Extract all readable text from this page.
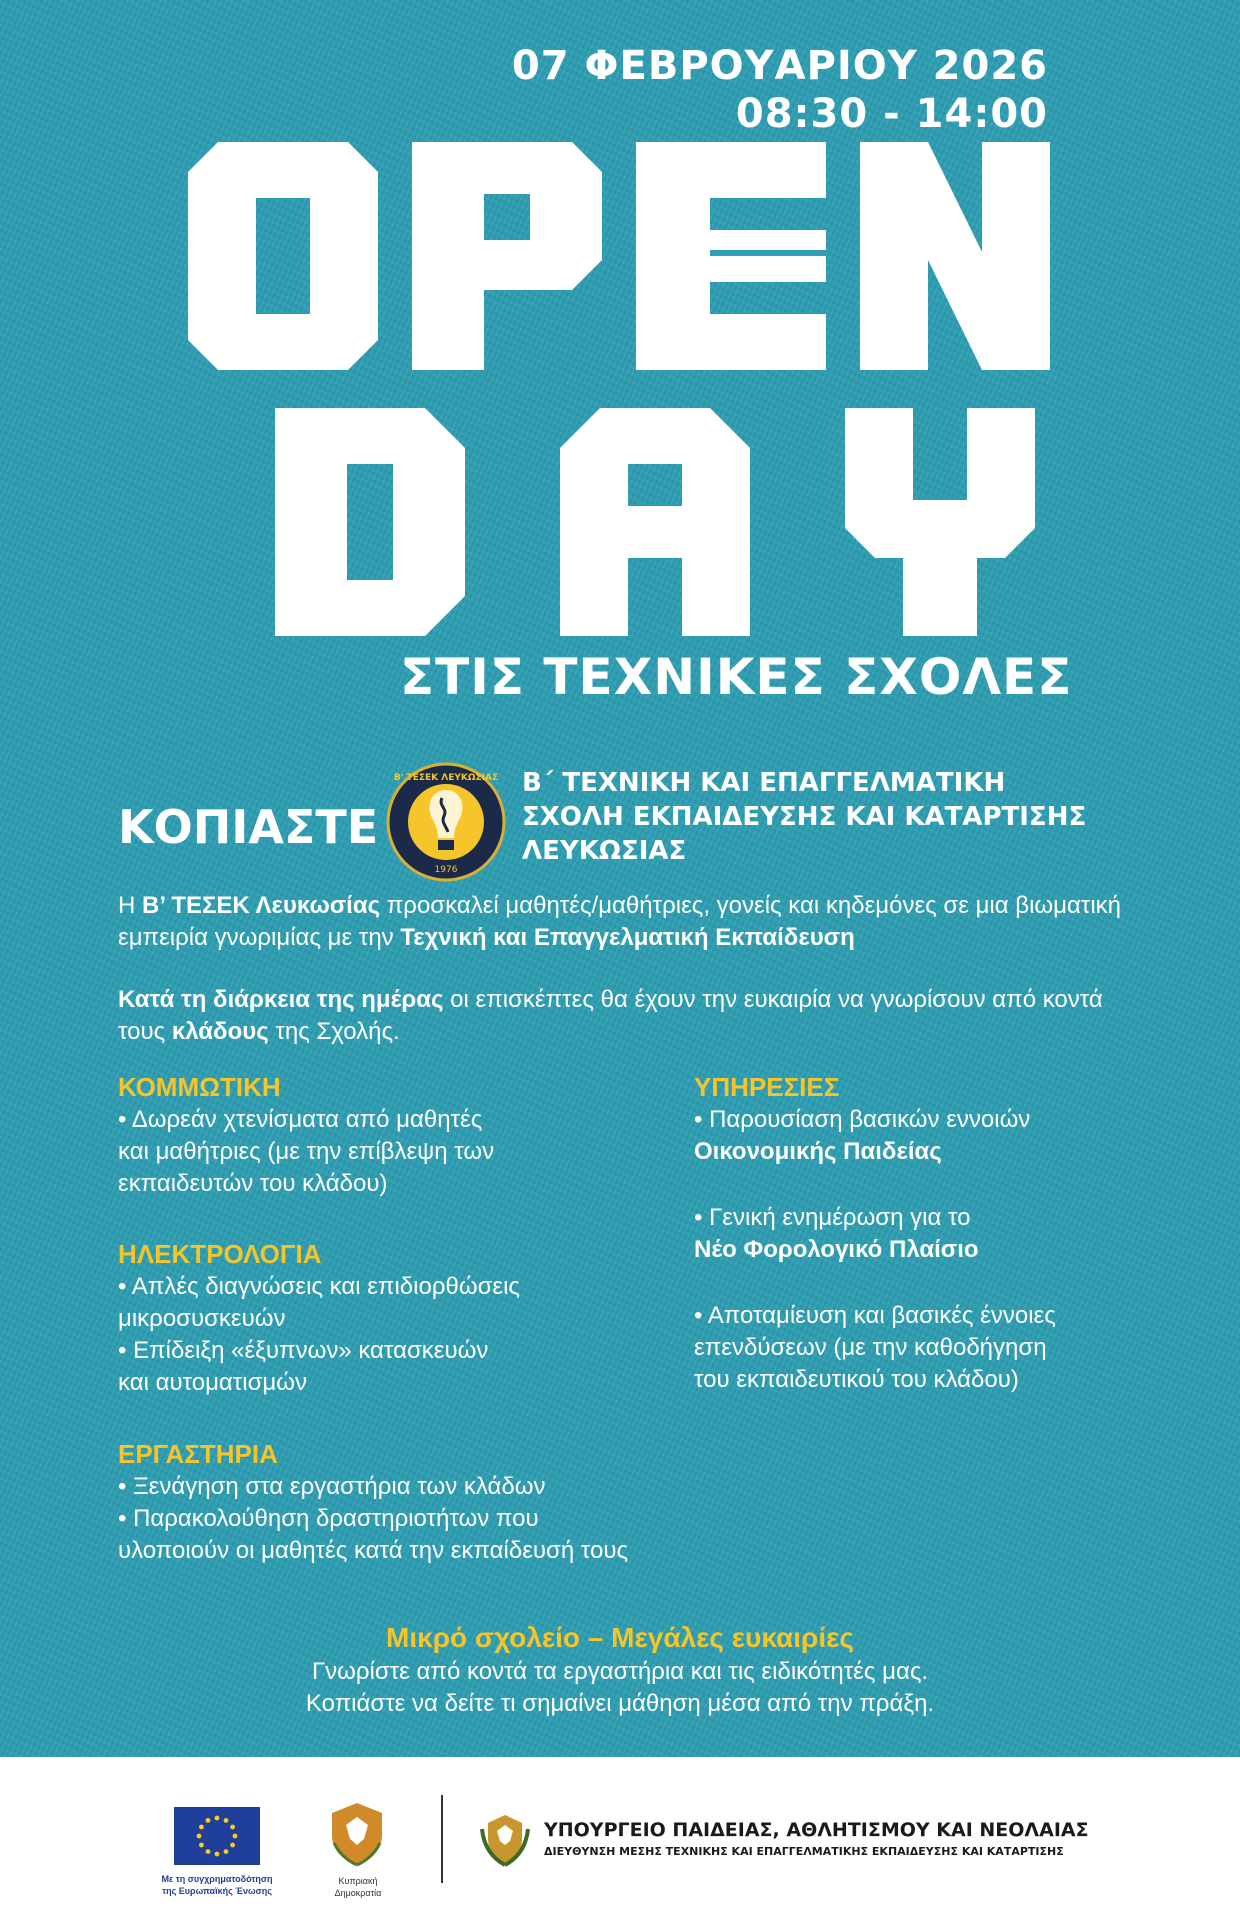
07 ΦΕΒΡΟΥΑΡΙΟΥ 2026
08:30 - 14:00
ΣΤΙΣ ΤΕΧΝΙΚΕΣ ΣΧΟΛΕΣ
ΚΟΠΙΑΣΤΕ
Β' ΤΕΣΕΚ ΛΕΥΚΩΣΙΑΣ
1976
Β΄ ΤΕΧΝΙΚΗ ΚΑΙ ΕΠΑΓΓΕΛΜΑΤΙΚΗ
ΣΧΟΛΗ ΕΚΠΑΙΔΕΥΣΗΣ ΚΑΙ ΚΑΤΑΡΤΙΣΗΣ
ΛΕΥΚΩΣΙΑΣ
Η Β’ ΤΕΣΕΚ Λευκωσίας προσκαλεί μαθητές/μαθήτριες, γονείς και κηδεμόνες σε μια βιωματική εμπειρία γνωριμίας με την Τεχνική και Επαγγελματική Εκπαίδευση
Κατά τη διάρκεια της ημέρας οι επισκέπτες θα έχουν την ευκαιρία να γνωρίσουν από κοντά τους κλάδους της Σχολής.
ΚΟΜΜΩΤΙΚΗ
• Δωρεάν χτενίσματα από μαθητές
και μαθήτριες (με την επίβλεψη των
εκπαιδευτών του κλάδου)
ΗΛΕΚΤΡΟΛΟΓΙΑ
• Απλές διαγνώσεις και επιδιορθώσεις
μικροσυσκευών
• Επίδειξη «έξυπνων» κατασκευών
και αυτοματισμών
ΕΡΓΑΣΤΗΡΙΑ
• Ξενάγηση στα εργαστήρια των κλάδων
• Παρακολούθηση δραστηριοτήτων που
υλοποιούν οι μαθητές κατά την εκπαίδευσή τους
ΥΠΗΡΕΣΙΕΣ
• Παρουσίαση βασικών εννοιών
Οικονομικής Παιδείας
• Γενική ενημέρωση για το
Νέο Φορολογικό Πλαίσιο
• Αποταμίευση και βασικές έννοιες
επενδύσεων (με την καθοδήγηση
του εκπαιδευτικού του κλάδου)
Μικρό σχολείο – Μεγάλες ευκαιρίες
Γνωρίστε από κοντά τα εργαστήρια και τις ειδικότητές μας.
Κοπιάστε να δείτε τι σημαίνει μάθηση μέσα από την πράξη.
Με τη συγχρηματοδότηση
της Ευρωπαϊκής Ένωσης
Κυπριακή Δημοκρατία
ΥΠΟΥΡΓΕΙΟ ΠΑΙΔΕΙΑΣ, ΑΘΛΗΤΙΣΜΟΥ ΚΑΙ ΝΕΟΛΑΙΑΣ
ΔΙΕΥΘΥΝΣΗ ΜΕΣΗΣ ΤΕΧΝΙΚΗΣ ΚΑΙ ΕΠΑΓΓΕΛΜΑΤΙΚΗΣ ΕΚΠΑΙΔΕΥΣΗΣ ΚΑΙ ΚΑΤΑΡΤΙΣΗΣ
